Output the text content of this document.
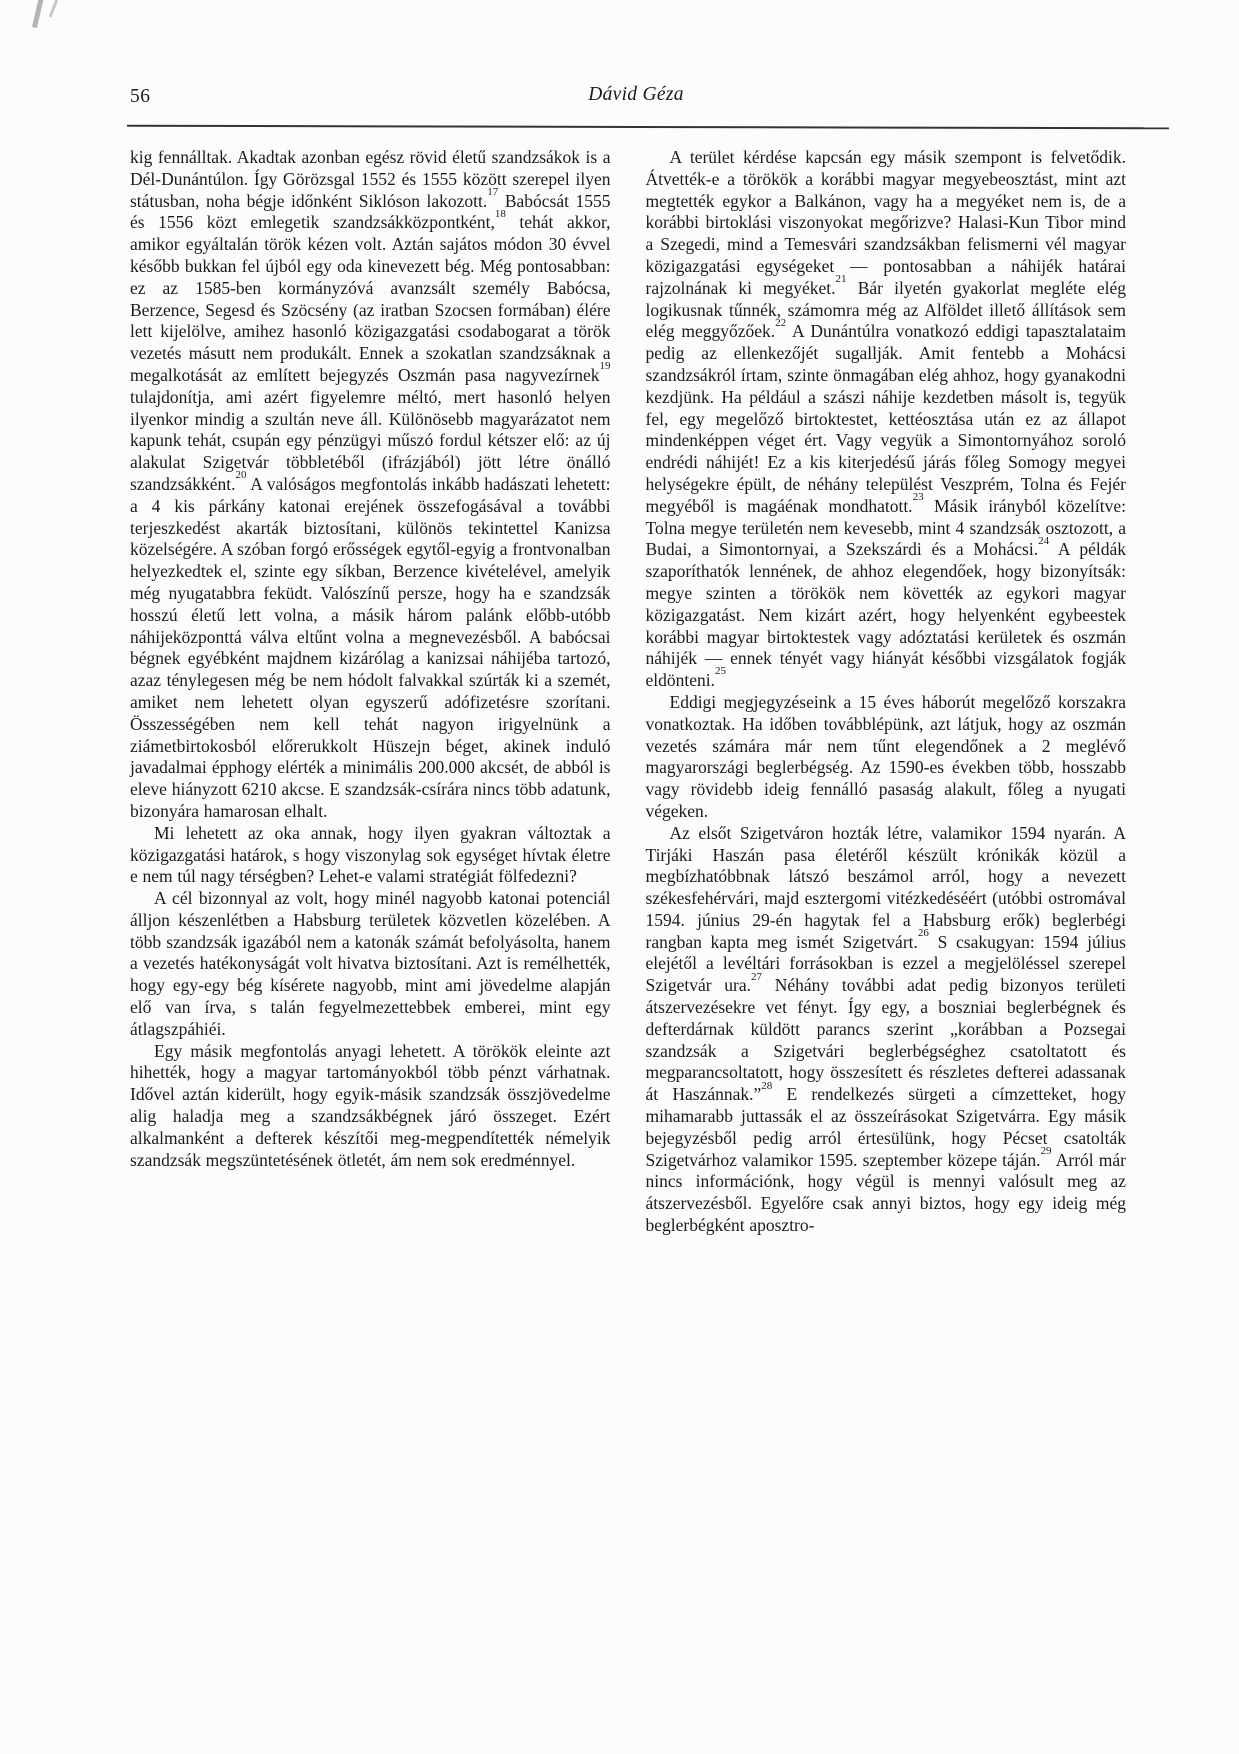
56	Dávid Géza

kig fennálltak. Akadtak azonban egész rövid életű szandzsákok is a Dél-Dunántúlon. Így Görözsgal 1552 és 1555 között szerepel ilyen státusban, noha bégje időnként Siklóson lakozott.$^{17}$ Babócsát 1555 és 1556 közt emlegetik szandzsákközpontként,$^{18}$ tehát akkor, amikor egyáltalán török kézen volt. Aztán sajátos módon 30 évvel később bukkan fel újból egy oda kinevezett bég. Még pontosabban: ez az 1585-ben kormányzóvá avanzsált személy Babócsa, Berzence, Segesd és Szöcsény (az iratban Szocsen formában) élére lett kijelölve, amihez hasonló közigazgatási csodabogarat a török vezetés másutt nem produkált. Ennek a szokatlan szandzsáknak a megalkotását az említett bejegyzés Oszmán pasa nagyvezírnek$^{19}$ tulajdonítja, ami azért figyelemre méltó, mert hasonló helyen ilyenkor mindig a szultán neve áll. Különösebb magyarázatot nem kapunk tehát, csupán egy pénzügyi műszó fordul kétszer elő: az új alakulat Szigetvár többletéből (ifrázjából) jött létre önálló szandzsákként.$^{20}$ A valóságos megfontolás inkább hadászati lehetett: a 4 kis párkány katonai erejének összefogásával a további terjeszkedést akarták biztosítani, különös tekintettel Kanizsa közelségére. A szóban forgó erősségek egytől-egyig a frontvonalban helyezkedtek el, szinte egy síkban, Berzence kivételével, amelyik még nyugatabbra feküdt. Valószínű persze, hogy ha e szandzsák hosszú életű lett volna, a másik három palánk előbb-utóbb náhijeközponttá válva eltűnt volna a megnevezésből. A babócsai bégnek egyébként majdnem kizárólag a kanizsai náhijéba tartozó, azaz ténylegesen még be nem hódolt falvakkal szúrták ki a szemét, amiket nem lehetett olyan egyszerű adófizetésre szorítani. Összességében nem kell tehát nagyon irigyelnünk a ziámetbirtokosból előrerukkolt Hüszejn béget, akinek induló javadalmai épphogy elérték a minimális 200.000 akcsét, de abból is eleve hiányzott 6210 akcse. E szandzsák-csírára nincs több adatunk, bizonyára hamarosan elhalt.

Mi lehetett az oka annak, hogy ilyen gyakran változtak a közigazgatási határok, s hogy viszonylag sok egységet hívtak életre e nem túl nagy térségben? Lehet-e valami stratégiát fölfedezni?

A cél bizonnyal az volt, hogy minél nagyobb katonai potenciál álljon készenlétben a Habsburg területek közvetlen közelében. A több szandzsák igazából nem a katonák számát befolyásolta, hanem a vezetés hatékonyságát volt hivatva biztosítani. Azt is remélhették, hogy egy-egy bég kísérete nagyobb, mint ami jövedelme alapján elő van írva, s talán fegyelmezettebbek emberei, mint egy átlagszpáhiéi.

Egy másik megfontolás anyagi lehetett. A törökök eleinte azt hihették, hogy a magyar tartományokból több pénzt várhatnak. Idővel aztán kiderült, hogy egyik-másik szandzsák összjövedelme alig haladja meg a szandzsákbégnek járó összeget. Ezért alkalmanként a defterek készítői meg-megpendítették némelyik szandzsák megszüntetésének ötletét, ám nem sok eredménnyel.

A terület kérdése kapcsán egy másik szempont is felvetődik. Átvették-e a törökök a korábbi magyar megyebeosztást, mint azt megtették egykor a Balkánon, vagy ha a megyéket nem is, de a korábbi birtoklási viszonyokat megőrizve? Halasi-Kun Tibor mind a Szegedi, mind a Temesvári szandzsákban felismerni vél magyar közigazgatási egységeket — pontosabban a náhijék határai rajzolnának ki megyéket.$^{21}$ Bár ilyetén gyakorlat megléte elég logikusnak tűnnék, számomra még az Alföldet illető állítások sem elég meggyőzőek.$^{22}$ A Dunántúlra vonatkozó eddigi tapasztalataim pedig az ellenkezőjét sugallják. Amit fentebb a Mohácsi szandzsákról írtam, szinte önmagában elég ahhoz, hogy gyanakodni kezdjünk. Ha például a szászi náhije kezdetben másolt is, tegyük fel, egy megelőző birtoktestet, kettéosztása után ez az állapot mindenképpen véget ért. Vagy vegyük a Simontornyához soroló endrédi náhijét! Ez a kis kiterjedésű járás főleg Somogy megyei helységekre épült, de néhány települést Veszprém, Tolna és Fejér megyéből is magáénak mondhatott.$^{23}$ Másik irányból közelítve: Tolna megye területén nem kevesebb, mint 4 szandzsák osztozott, a Budai, a Simontornyai, a Szekszárdi és a Mohácsi.$^{24}$ A példák szaporíthatók lennének, de ahhoz elegendőek, hogy bizonyítsák: megye szinten a törökök nem követték az egykori magyar közigazgatást. Nem kizárt azért, hogy helyenként egybeestek korábbi magyar birtoktestek vagy adóztatási kerületek és oszmán náhijék — ennek tényét vagy hiányát későbbi vizsgálatok fogják eldönteni.$^{25}$

Eddigi megjegyzéseink a 15 éves háborút megelőző korszakra vonatkoztak. Ha időben továbblépünk, azt látjuk, hogy az oszmán vezetés számára már nem tűnt elegendőnek a 2 meglévő magyarországi beglerbégség. Az 1590-es években több, hosszabb vagy rövidebb ideig fennálló pasaság alakult, főleg a nyugati végeken.

Az elsőt Szigetváron hozták létre, valamikor 1594 nyarán. A Tirjáki Haszán pasa életéről készült krónikák közül a megbízhatóbbnak látszó beszámol arról, hogy a nevezett székesfehérvári, majd esztergomi vitézkedéséért (utóbbi ostromával 1594. június 29-én hagytak fel a Habsburg erők) beglerbégi rangban kapta meg ismét Szigetvárt.$^{26}$ S csakugyan: 1594 július elejétől a levéltári forrásokban is ezzel a megjelöléssel szerepel Szigetvár ura.$^{27}$ Néhány további adat pedig bizonyos területi átszervezésekre vet fényt. Így egy, a boszniai beglerbégnek és defterdárnak küldött parancs szerint „korábban a Pozsegai szandzsák a Szigetvári beglerbégséghez csatoltatott és megparancsoltatott, hogy összesített és részletes defterei adassanak át Haszánnak.”$^{28}$ E rendelkezés sürgeti a címzetteket, hogy mihamarabb juttassák el az összeírásokat Szigetvárra. Egy másik bejegyzésből pedig arról értesülünk, hogy Pécset csatolták Szigetvárhoz valamikor 1595. szeptember közepe táján.$^{29}$ Arról már nincs információnk, hogy végül is mennyi valósult meg az átszervezésből. Egyelőre csak annyi biztos, hogy egy ideig még beglerbégként aposztro-
